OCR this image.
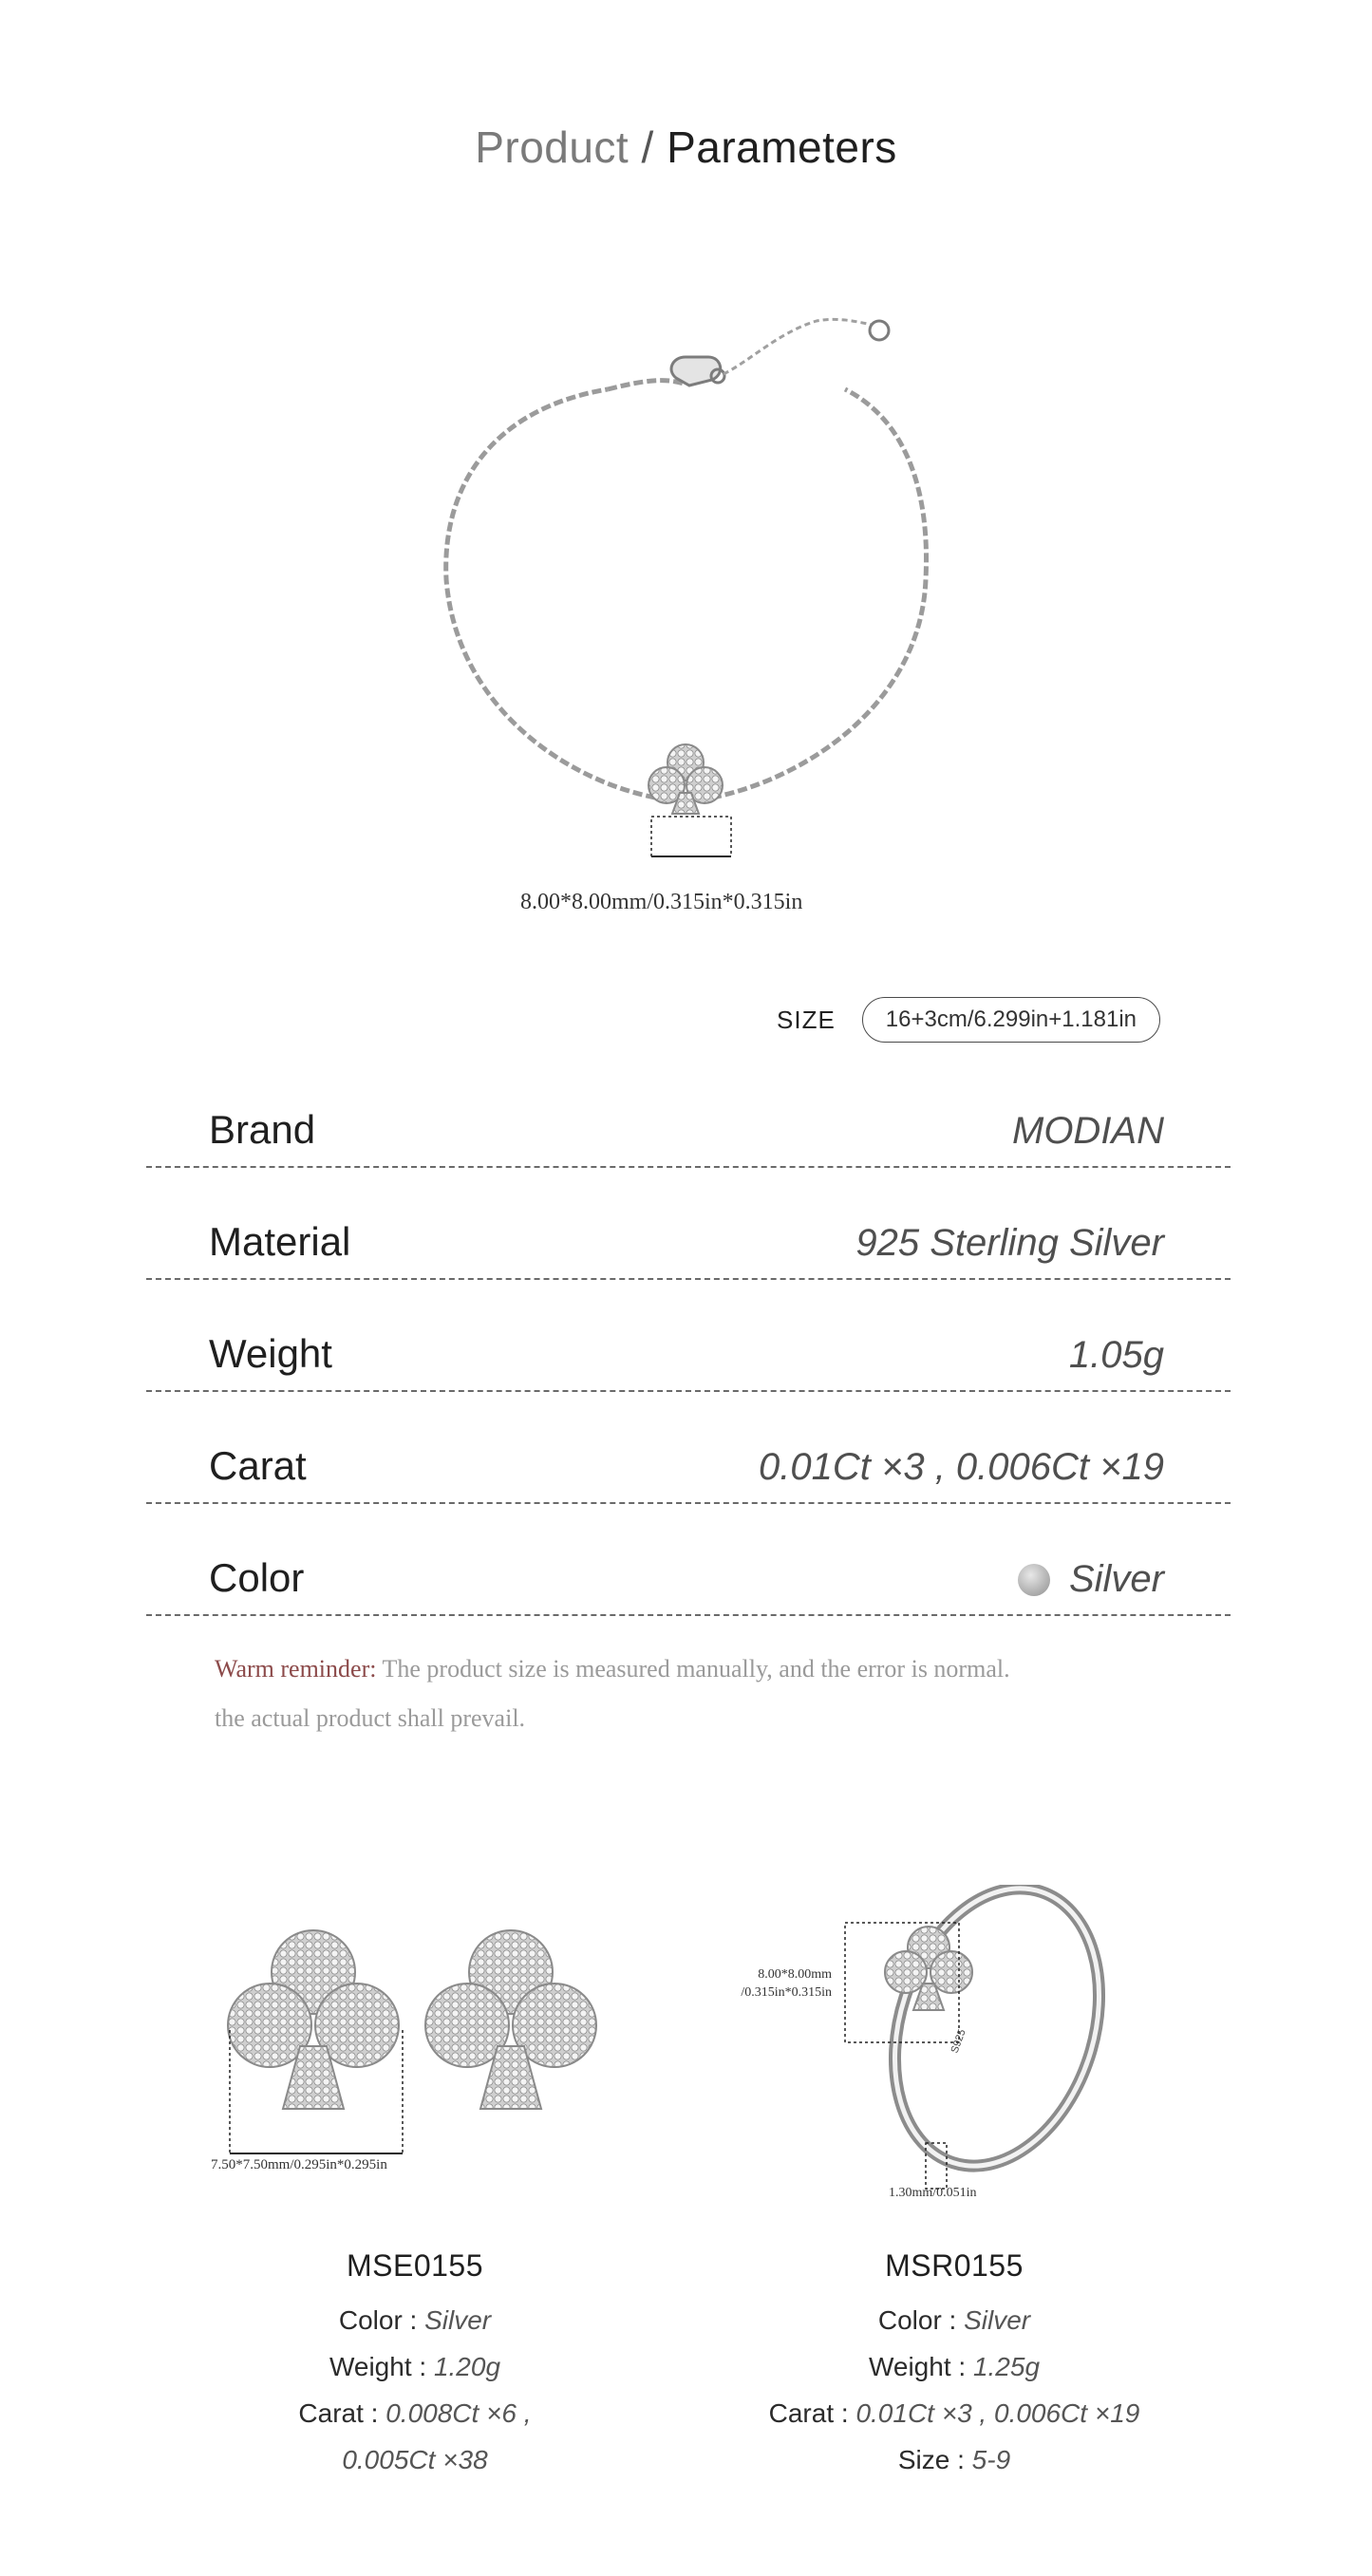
Product / Parameters
8.00*8.00mm/0.315in*0.315in
SIZE	16+3cm/6.299in+1.181in
Brand	MODIAN
Material	925 Sterling Silver
Weight	1.05g
Carat	0.01Ct ×3 , 0.006Ct ×19
Color	Silver
Warm reminder: The product size is measured manually, and the error is normal.
the actual product shall prevail.
7.50*7.50mm/0.295in*0.295in
S925
8.00*8.00mm
/0.315in*0.315in
1.30mm/0.051in
MSE0155
Color : Silver
Weight : 1.20g
Carat : 0.008Ct ×6 ,
0.005Ct ×38
MSR0155
Color : Silver
Weight : 1.25g
Carat : 0.01Ct ×3 , 0.006Ct ×19
Size : 5-9
